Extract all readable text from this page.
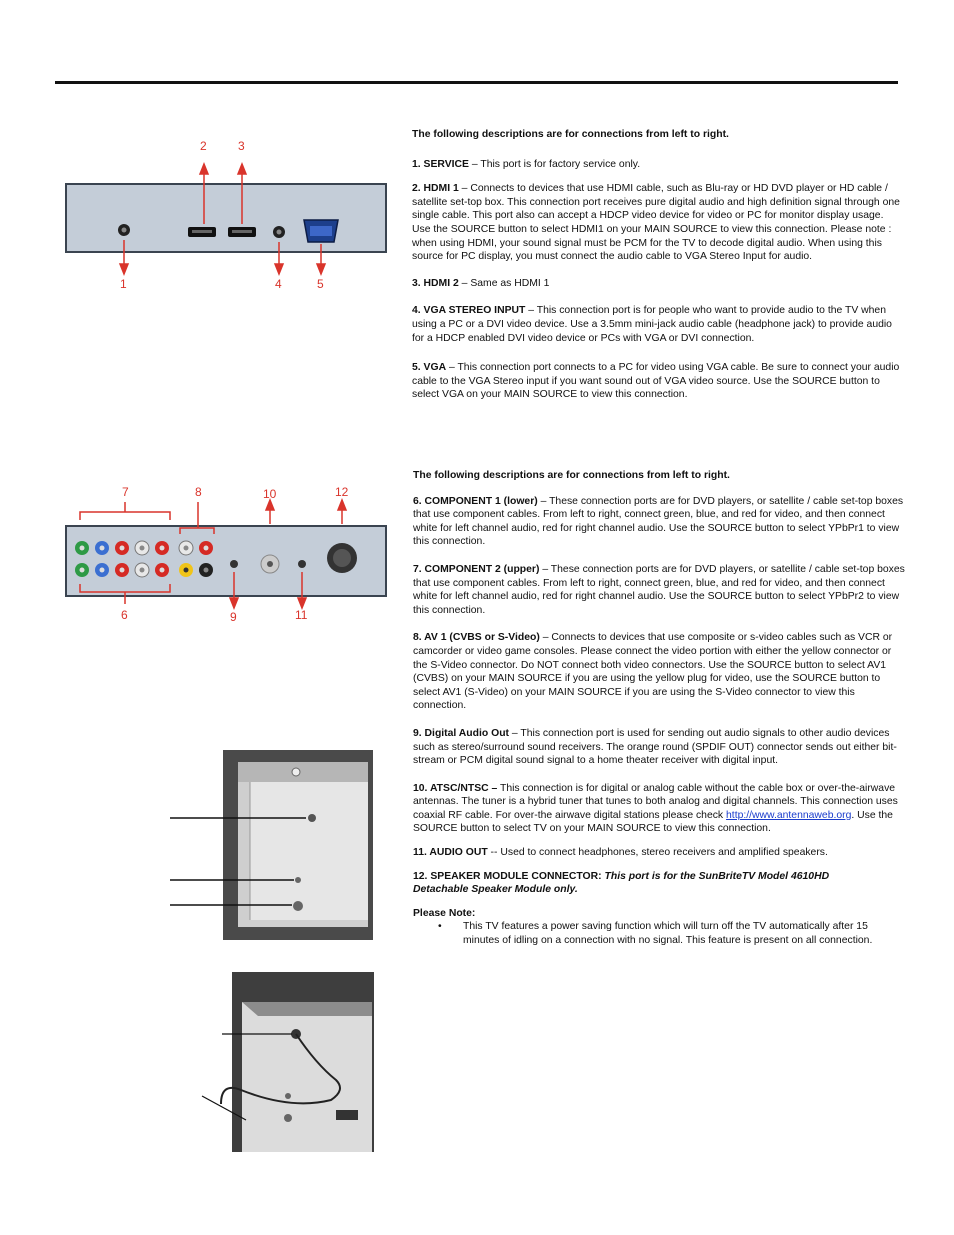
2	3
1	4	5

The following descriptions are for connections from left to right.

1. SERVICE – This port is for factory service only.

2. HDMI 1 – Connects to devices that use HDMI cable, such as Blu-ray or HD DVD player or HD cable / satellite set-top box. This connection port receives pure digital audio and high definition signal through one single cable. This port also can accept a HDCP video device for video or PC for monitor display usage. Use the SOURCE button to select HDMI1 on your MAIN SOURCE to view this connection. Please note : when using HDMI, your sound signal must be PCM for the TV to decode digital audio. When using this source for PC display, you must connect the audio cable to VGA Stereo Input for audio.

3. HDMI 2 – Same as HDMI 1

4. VGA STEREO INPUT – This connection port is for people who want to provide audio to the TV when using a PC or a DVI video device. Use a 3.5mm mini-jack audio cable (headphone jack) to provide audio for a HDCP enabled DVI video device or PCs with VGA or DVI connection.

5. VGA – This connection port connects to a PC for video using VGA cable. Be sure to connect your audio cable to the VGA Stereo input if you want sound out of VGA video source. Use the SOURCE button to select VGA on your MAIN SOURCE to view this connection.

7	8	10	12
6	9	11

The following descriptions are for connections from left to right.

6. COMPONENT 1 (lower) – These connection ports are for DVD players, or satellite / cable set-top boxes that use component cables. From left to right, connect green, blue, and red for video, and then connect white for left channel audio, red for right channel audio. Use the SOURCE button to select YPbPr1 to view this connection.

7. COMPONENT 2 (upper) – These connection ports are for DVD players, or satellite / cable set-top boxes that use component cables. From left to right, connect green, blue, and red for video, and then connect white for left channel audio, red for right channel audio. Use the SOURCE button to select YPbPr2 to view this connection.

8. AV 1 (CVBS or S-Video) – Connects to devices that use composite or s-video cables such as VCR or camcorder or video game consoles. Please connect the video portion with either the yellow connector or the S-Video connector. Do NOT connect both video connectors. Use the SOURCE button to select AV1 (CVBS) on your MAIN SOURCE if you are using the yellow plug for video, use the SOURCE button to select AV1 (S-Video) on your MAIN SOURCE if you are using the S-Video connector to view this connection.

9. Digital Audio Out – This connection port is used for sending out audio signals to other audio devices such as stereo/surround sound receivers. The orange round (SPDIF OUT) connector sends out either bit-stream or PCM digital sound signal to a home theater receiver with digital input.

10. ATSC/NTSC – This connection is for digital or analog cable without the cable box or over-the-airwave antennas. The tuner is a hybrid tuner that tunes to both analog and digital channels. This connection uses coaxial RF cable. For over-the airwave digital stations please check http://www.antennaweb.org. Use the SOURCE button to select TV on your MAIN SOURCE to view this connection.

11. AUDIO OUT -- Used to connect headphones, stereo receivers and amplified speakers.

12. SPEAKER MODULE CONNECTOR: This port is for the SunBriteTV Model 4610HD Detachable Speaker Module only.

Please Note:

• This TV features a power saving function which will turn off the TV automatically after 15 minutes of idling on a connection with no signal. This feature is present on all connection.
